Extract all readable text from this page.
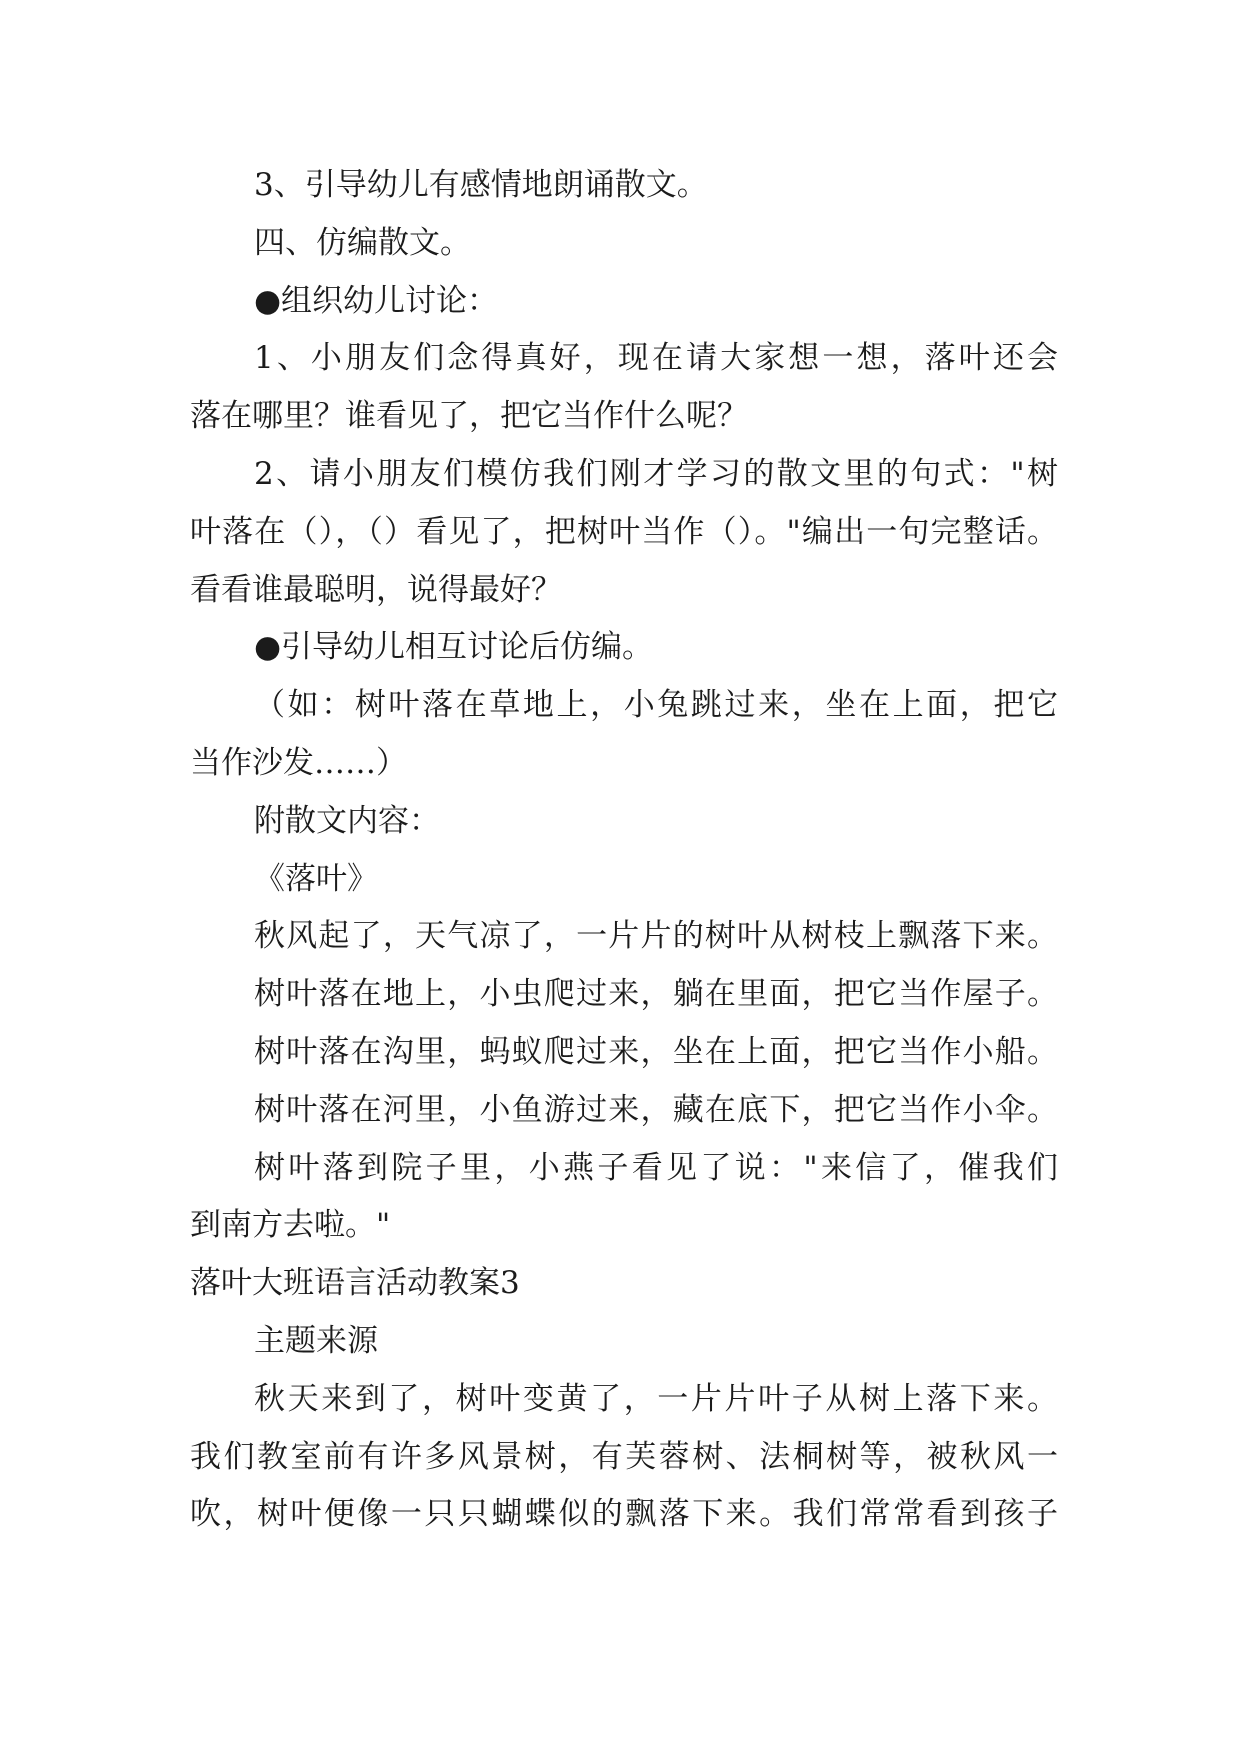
3、引导幼儿有感情地朗诵散文。
四、仿编散文。
●组织幼儿讨论：
1、小朋友们念得真好，现在请大家想一想，落叶还会
落在哪里？谁看见了，把它当作什么呢？
2、请小朋友们模仿我们刚才学习的散文里的句式："树
叶落在（），（）看见了，把树叶当作（）。"编出一句完整话。
看看谁最聪明，说得最好？
●引导幼儿相互讨论后仿编。
（如：树叶落在草地上，小兔跳过来，坐在上面，把它
当作沙发……）
附散文内容：
《落叶》
秋风起了，天气凉了，一片片的树叶从树枝上飘落下来。
树叶落在地上，小虫爬过来，躺在里面，把它当作屋子。
树叶落在沟里，蚂蚁爬过来，坐在上面，把它当作小船。
树叶落在河里，小鱼游过来，藏在底下，把它当作小伞。
树叶落到院子里，小燕子看见了说："来信了，催我们
到南方去啦。"
落叶大班语言活动教案3
主题来源
秋天来到了，树叶变黄了，一片片叶子从树上落下来。
我们教室前有许多风景树，有芙蓉树、法桐树等，被秋风一
吹，树叶便像一只只蝴蝶似的飘落下来。我们常常看到孩子
